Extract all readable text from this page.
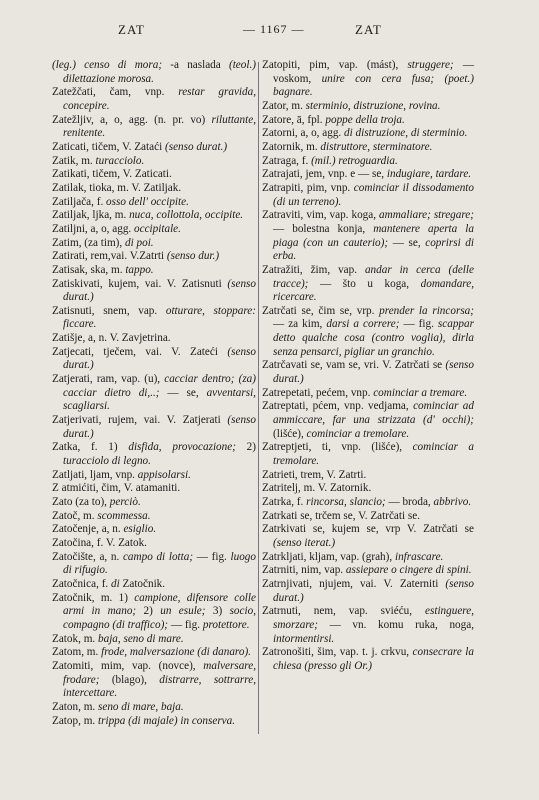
ZAT	— 1167 —	ZAT

(leg.) censo di mora; -a naslada (teol.) dilettazione morosa.

Zatežčati, čam, vnp. restar gravida, concepire.

Zatežljiv, a, o, agg. (n. pr. vo) riluttante, renitente.

Zaticati, tičem, V. Zataći (senso durat.)

Zatik, m. turacciolo.

Zatikati, tičem, V. Zaticati.

Zatilak, tioka, m. V. Zatiljak.

Zatiljača, f. osso dell' occipite.

Zatiljak, ljka, m. nuca, collottola, occipite.

Zatiljni, a, o, agg. occipitale.

Zatim, (za tim), di poi.

Zatirati, rem,vai. V.Zatrti (senso dur.)

Zatisak, ska, m. tappo.

Zatiskivati, kujem, vai. V. Zatisnuti (senso durat.)

Zatisnuti, snem, vap. otturare, stoppare: ficcare.

Zatišje, a, n. V. Zavjetrina.

Zatjecati, tječem, vai. V. Zateći (senso durat.)

Zatjerati, ram, vap. (u), cacciar dentro; (za) cacciar dietro di,..; — se, avventarsi, scagliarsi.

Zatjerivati, rujem, vai. V. Zatjerati (senso durat.)

Zatka, f. 1) disfida, provocazione; 2) turacciolo di legno.

Zatljati, ljam, vnp. appisolarsi.

Z atmićiti, čim, V. atamaniti.

Zato (za to), perciò.

Zatoč, m. scommessa.

Zatočenje, a, n. esiglio.

Zatočina, f. V. Zatok.

Zatočište, a, n. campo di lotta; — fig. luogo di rifugio.

Zatočnica, f. di Zatočnik.

Zatočnik, m. 1) campione, difensore colle armi in mano; 2) un esule; 3) socio, compagno (di traffico); — fig. protettore.

Zatok, m. baja, seno di mare.

Zatom, m. frode, malversazione (di danaro).

Zatomiti, mim, vap. (novce), malversare, frodare; (blago), distrarre, sottrarre, intercettare.

Zaton, m. seno di mare, baja.

Zatop, m. trippa (di majale) in conserva.

Zatopiti, pim, vap. (mást), struggere; — voskom, unire con cera fusa; (poet.) bagnare.

Zator, m. sterminio, distruzione, rovina.

Zatore, ā, fpl. poppe della troja.

Zatorni, a, o, agg. di distruzione, di sterminio.

Zatornik, m. distruttore, sterminatore.

Zatraga, f. (mil.) retroguardia.

Zatrajati, jem, vnp. e — se, indugiare, tardare.

Zatrapiti, pim, vnp. cominciar il dissodamento (di un terreno).

Zatraviti, vim, vap. koga, ammaliare; stregare; — bolestna konja, mantenere aperta la piaga (con un cauterio); — se, coprirsi di erba.

Zatražiti, žim, vap. andar in cerca (delle tracce); — što u koga, domandare, ricercare.

Zatrčati se, čim se, vrp. prender la rincorsa; — za kim, darsi a correre; — fig. scappar detto qualche cosa (contro voglia), dirla senza pensarci, pigliar un granchio.

Zatrčavati se, vam se, vri. V. Zatrčati se (senso durat.)

Zatrepetati, pećem, vnp. cominciar a tremare.

Zatreptati, pćem, vnp. vedjama, cominciar ad ammiccare, far una strizzata (d' occhi); (lišće), cominciar a tremolare.

Zatreptjeti, ti, vnp. (lišće), cominciar a tremolare.

Zatrieti, trem, V. Zatrti.

Zatritelj, m. V. Zatornik.

Zatrka, f. rincorsa, slancio; — broda, abbrivo.

Zatrkati se, trčem se, V. Zatrčati se.

Zatrkivati se, kujem se, vrp V. Zatrčati se (senso iterat.)

Zatrkljati, kljam, vap. (grah), infrascare.

Zatrniti, nim, vap. assiepare o cingere di spini.

Zatrnjivati, njujem, vai. V. Zaterniti (senso durat.)

Zatrnuti, nem, vap. sviéću, estinguere, smorzare; — vn. komu ruka, noga, intormentirsi.

Zatronošiti, šim, vap. t. j. crkvu, consecrare la chiesa (presso gli Or.)
